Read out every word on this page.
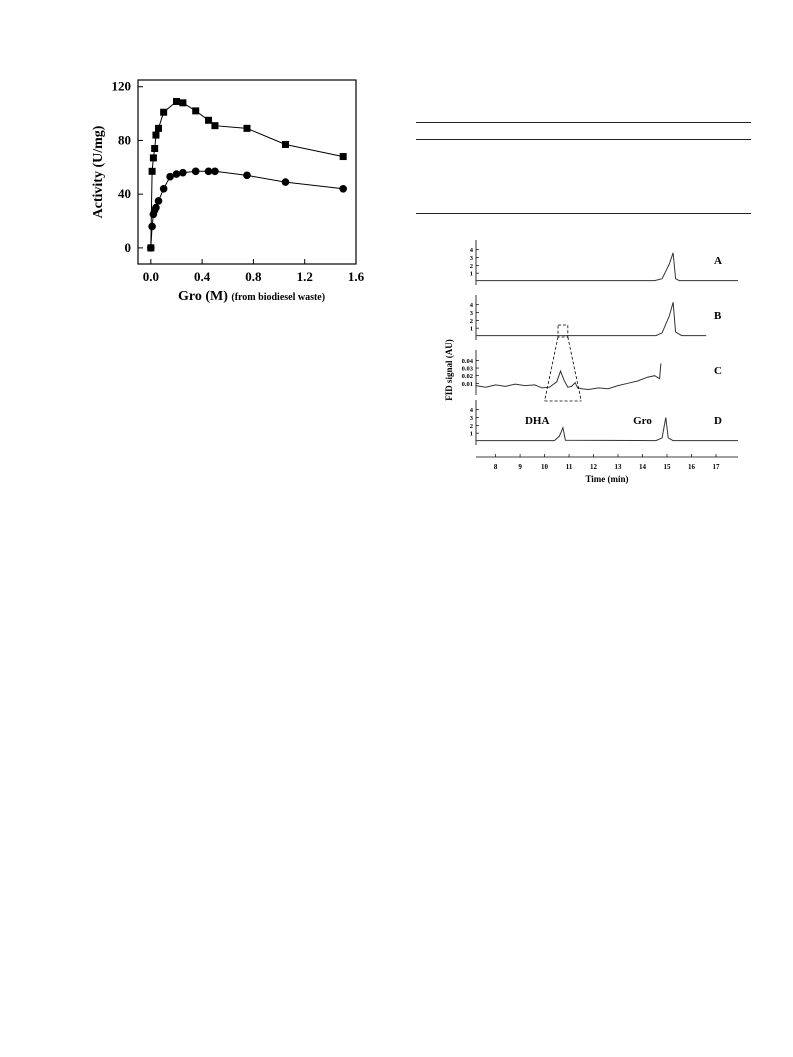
0.0	0.4	0.8	1.2	1.6
0
40
80
120
Gro (M) (from biodiesel waste)
Activity (U/mg)
4
3
2
1
A
4
3
2
1
B
0.04
0.03
0.02
0.01
C
4
3
2
1
D
DHA	Gro
8	9	10	11	12 13 14 15 16 17
Time (min)
FID signal (AU)
